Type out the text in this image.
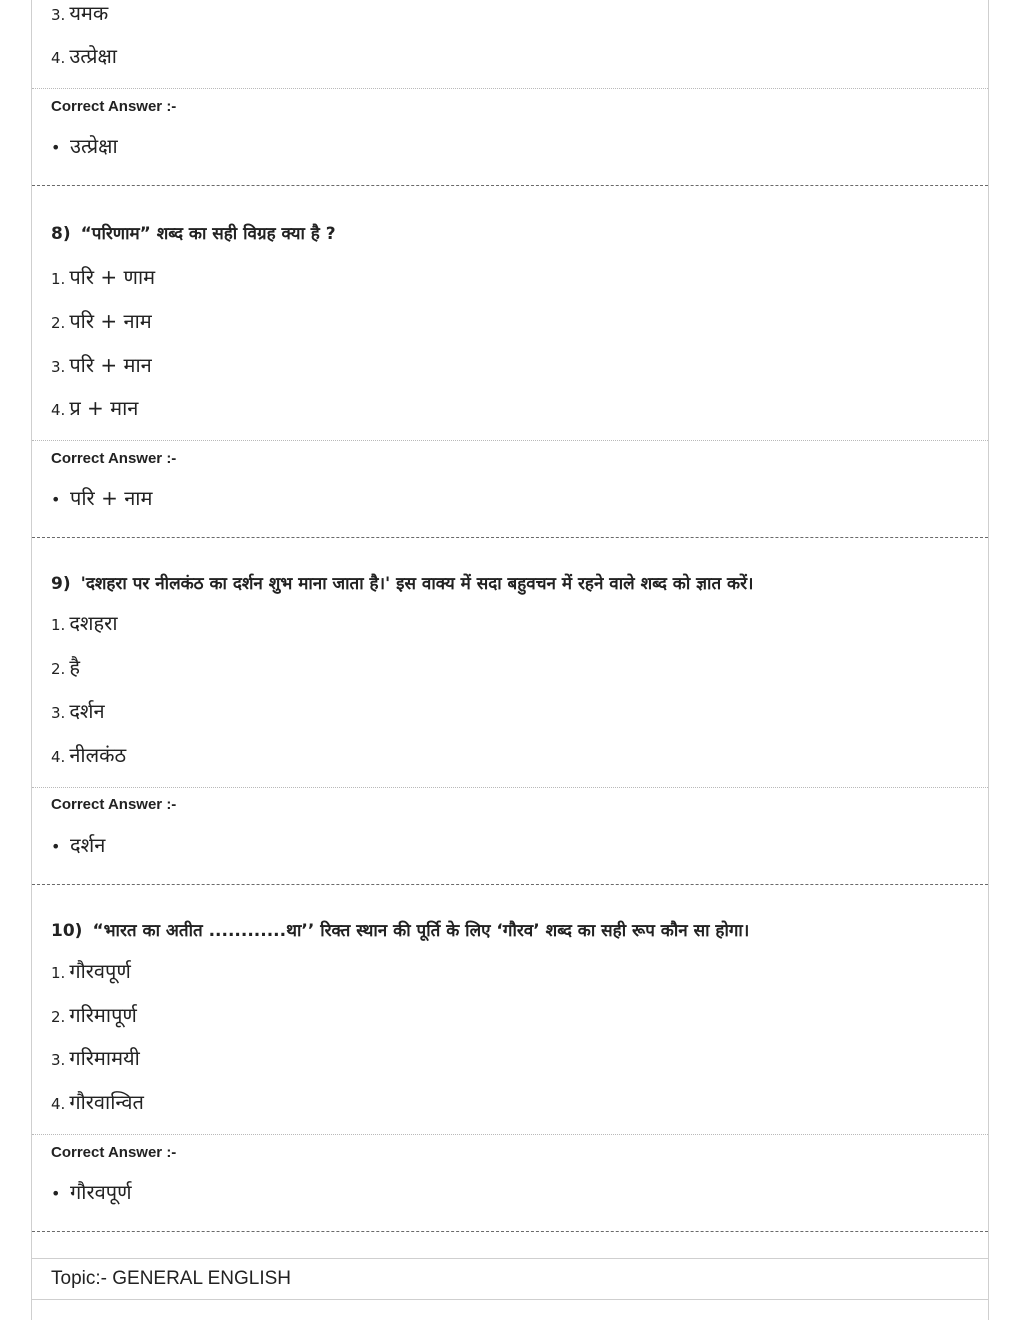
3. यमक
4. उत्प्रेक्षा
Correct Answer :-
• उत्प्रेक्षा
8) “परिणाम” शब्द का सही विग्रह क्या है ?
1. परि + णाम
2. परि + नाम
3. परि + मान
4. प्र + मान
Correct Answer :-
• परि + नाम
9) 'दशहरा पर नीलकंठ का दर्शन शुभ माना जाता है।' इस वाक्य में सदा बहुवचन में रहने वाले शब्द को ज्ञात करें।
1. दशहरा
2. है
3. दर्शन
4. नीलकंठ
Correct Answer :-
• दर्शन
10) “भारत का अतीत ............था’’ रिक्त स्थान की पूर्ति के लिए ‘गौरव’ शब्द का सही रूप कौन सा होगा।
1. गौरवपूर्ण
2. गरिमापूर्ण
3. गरिमामयी
4. गौरवान्वित
Correct Answer :-
• गौरवपूर्ण
Topic:- GENERAL ENGLISH
